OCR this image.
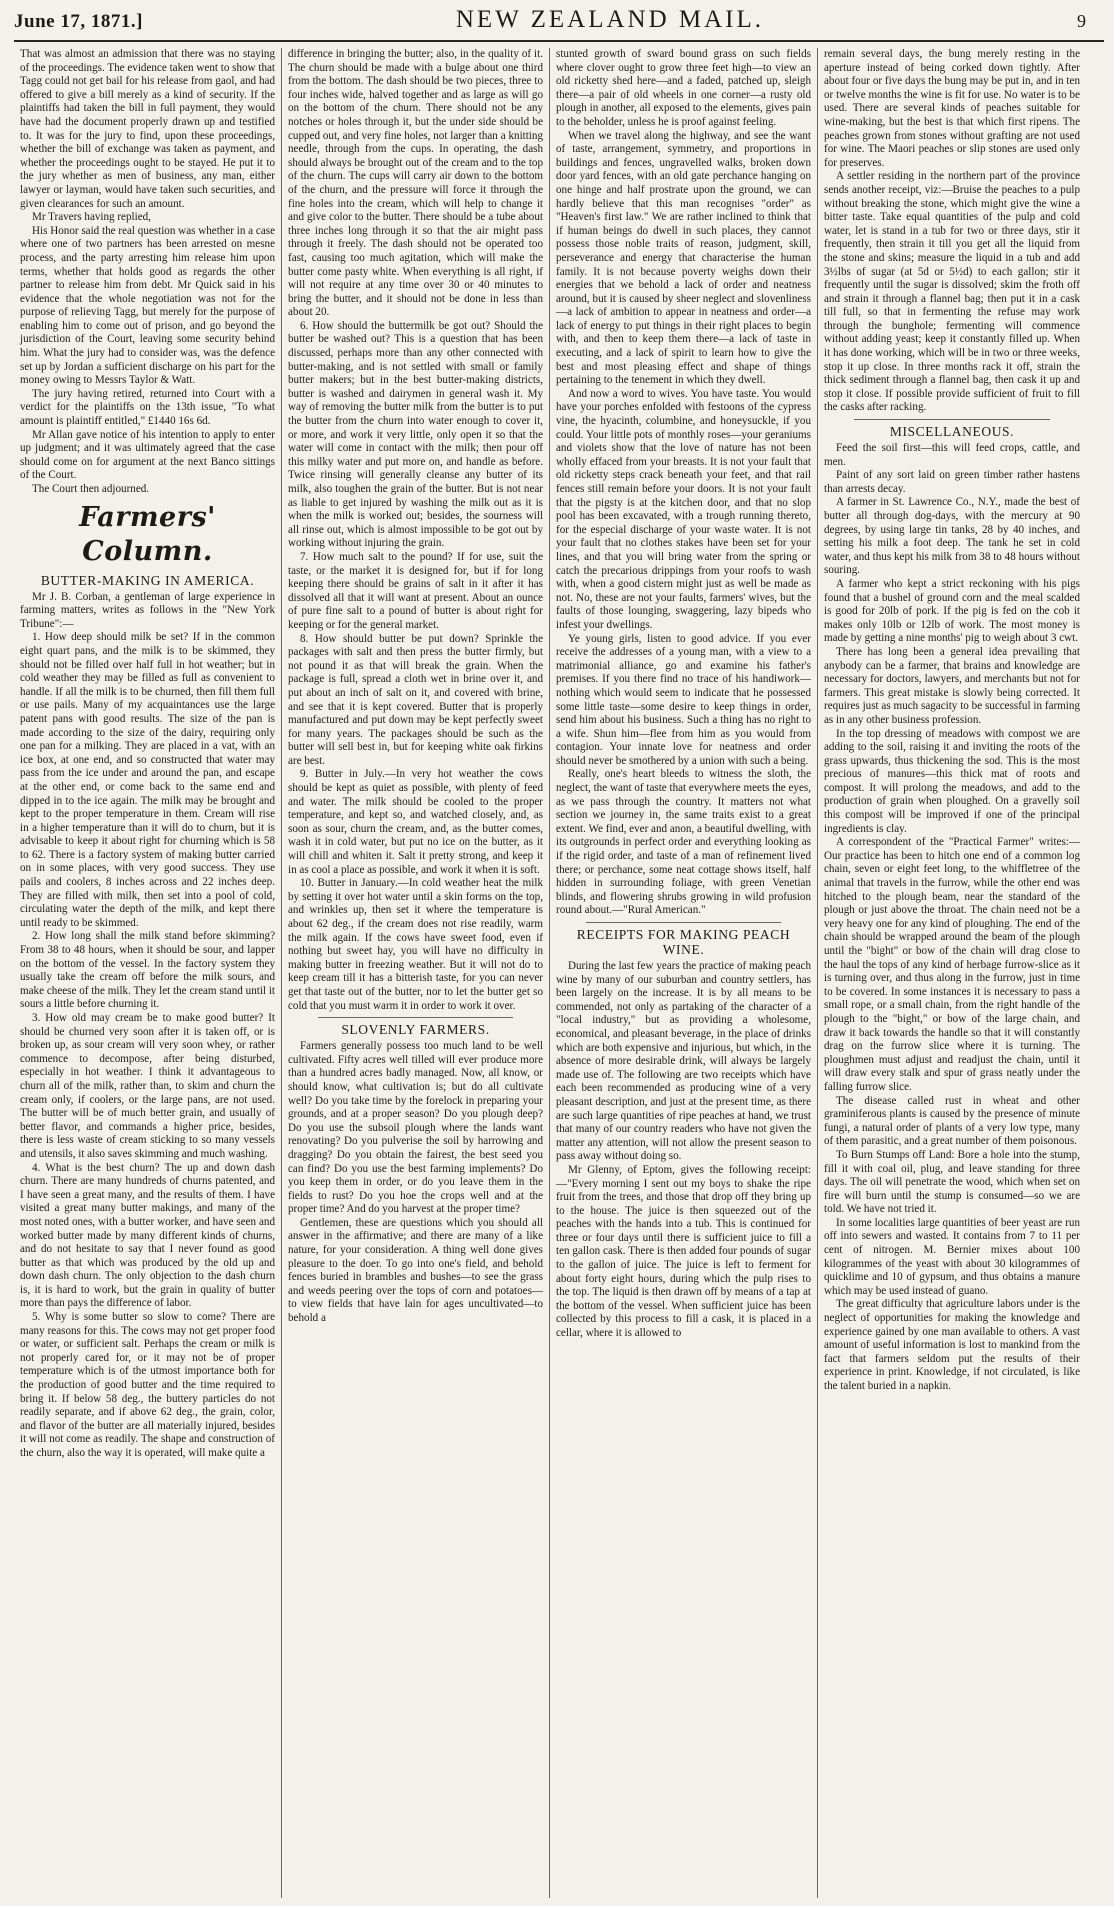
June 17, 1871.]	NEW ZEALAND MAIL.	9

That was almost an admission that there was no staying of the proceedings. The evidence taken went to show that Tagg could not get bail for his release from gaol, and had offered to give a bill merely as a kind of security. If the plaintiffs had taken the bill in full payment, they would have had the document properly drawn up and testified to. It was for the jury to find, upon these proceedings, whether the bill of exchange was taken as payment, and whether the proceedings ought to be stayed. He put it to the jury whether as men of business, any man, either lawyer or layman, would have taken such securities, and given clearances for such an amount.

Mr Travers having replied,

His Honor said the real question was whether in a case where one of two partners has been arrested on mesne process, and the party arresting him release him upon terms, whether that holds good as regards the other partner to release him from debt. Mr Quick said in his evidence that the whole negotiation was not for the purpose of relieving Tagg, but merely for the purpose of enabling him to come out of prison, and go beyond the jurisdiction of the Court, leaving some security behind him. What the jury had to consider was, was the defence set up by Jordan a sufficient discharge on his part for the money owing to Messrs Taylor & Watt.

The jury having retired, returned into Court with a verdict for the plaintiffs on the 13th issue, "To what amount is plaintiff entitled," £1440 16s 6d.

Mr Allan gave notice of his intention to apply to enter up judgment; and it was ultimately agreed that the case should come on for argument at the next Banco sittings of the Court.

The Court then adjourned.

Farmers' Column.
BUTTER-MAKING IN AMERICA.

Mr J. B. Corban, a gentleman of large experience in farming matters, writes as follows in the "New York Tribune":—

1. How deep should milk be set? If in the common eight quart pans, and the milk is to be skimmed, they should not be filled over half full in hot weather; but in cold weather they may be filled as full as convenient to handle. If all the milk is to be churned, then fill them full or use pails. Many of my acquaintances use the large patent pans with good results. The size of the pan is made according to the size of the dairy, requiring only one pan for a milking. They are placed in a vat, with an ice box, at one end, and so constructed that water may pass from the ice under and around the pan, and escape at the other end, or come back to the same end and dipped in to the ice again. The milk may be brought and kept to the proper temperature in them. Cream will rise in a higher temperature than it will do to churn, but it is advisable to keep it about right for churning which is 58 to 62. There is a factory system of making butter carried on in some places, with very good success. They use pails and coolers, 8 inches across and 22 inches deep. They are filled with milk, then set into a pool of cold, circulating water the depth of the milk, and kept there until ready to be skimmed.

2. How long shall the milk stand before skimming? From 38 to 48 hours, when it should be sour, and lapper on the bottom of the vessel. In the factory system they usually take the cream off before the milk sours, and make cheese of the milk. They let the cream stand until it sours a little before churning it.

3. How old may cream be to make good butter? It should be churned very soon after it is taken off, or is broken up, as sour cream will very soon whey, or rather commence to decompose, after being disturbed, especially in hot weather. I think it advantageous to churn all of the milk, rather than, to skim and churn the cream only, if coolers, or the large pans, are not used. The butter will be of much better grain, and usually of better flavor, and commands a higher price, besides, there is less waste of cream sticking to so many vessels and utensils, it also saves skimming and much washing.

4. What is the best churn? The up and down dash churn. There are many hundreds of churns patented, and I have seen a great many, and the results of them. I have visited a great many butter makings, and many of the most noted ones, with a butter worker, and have seen and worked butter made by many different kinds of churns, and do not hesitate to say that I never found as good butter as that which was produced by the old up and down dash churn. The only objection to the dash churn is, it is hard to work, but the grain in quality of butter more than pays the difference of labor.

5. Why is some butter so slow to come? There are many reasons for this. The cows may not get proper food or water, or sufficient salt. Perhaps the cream or milk is not properly cared for, or it may not be of proper temperature which is of the utmost importance both for the production of good butter and the time required to bring it. If below 58 deg., the buttery particles do not readily separate, and if above 62 deg., the grain, color, and flavor of the butter are all materially injured, besides it will not come as readily. The shape and construction of the churn, also the way it is operated, will make quite a

difference in bringing the butter; also, in the quality of it. The churn should be made with a bulge about one third from the bottom. The dash should be two pieces, three to four inches wide, halved together and as large as will go on the bottom of the churn. There should not be any notches or holes through it, but the under side should be cupped out, and very fine holes, not larger than a knitting needle, through from the cups. In operating, the dash should always be brought out of the cream and to the top of the churn. The cups will carry air down to the bottom of the churn, and the pressure will force it through the fine holes into the cream, which will help to change it and give color to the butter. There should be a tube about three inches long through it so that the air might pass through it freely. The dash should not be operated too fast, causing too much agitation, which will make the butter come pasty white. When everything is all right, if will not require at any time over 30 or 40 minutes to bring the butter, and it should not be done in less than about 20.

6. How should the buttermilk be got out? Should the butter be washed out? This is a question that has been discussed, perhaps more than any other connected with butter-making, and is not settled with small or family butter makers; but in the best butter-making districts, butter is washed and dairymen in general wash it. My way of removing the butter milk from the butter is to put the butter from the churn into water enough to cover it, or more, and work it very little, only open it so that the water will come in contact with the milk; then pour off this milky water and put more on, and handle as before. Twice rinsing will generally cleanse any butter of its milk, also toughen the grain of the butter. But is not near as liable to get injured by washing the milk out as it is when the milk is worked out; besides, the sourness will all rinse out, which is almost impossible to be got out by working without injuring the grain.

7. How much salt to the pound? If for use, suit the taste, or the market it is designed for, but if for long keeping there should be grains of salt in it after it has dissolved all that it will want at present. About an ounce of pure fine salt to a pound of butter is about right for keeping or for the general market.

8. How should butter be put down? Sprinkle the packages with salt and then press the butter firmly, but not pound it as that will break the grain. When the package is full, spread a cloth wet in brine over it, and put about an inch of salt on it, and covered with brine, and see that it is kept covered. Butter that is properly manufactured and put down may be kept perfectly sweet for many years. The packages should be such as the butter will sell best in, but for keeping white oak firkins are best.

9. Butter in July.—In very hot weather the cows should be kept as quiet as possible, with plenty of feed and water. The milk should be cooled to the proper temperature, and kept so, and watched closely, and, as soon as sour, churn the cream, and, as the butter comes, wash it in cold water, but put no ice on the butter, as it will chill and whiten it. Salt it pretty strong, and keep it in as cool a place as possible, and work it when it is soft.

10. Butter in January.—In cold weather heat the milk by setting it over hot water until a skin forms on the top, and wrinkles up, then set it where the temperature is about 62 deg., if the cream does not rise readily, warm the milk again. If the cows have sweet food, even if nothing but sweet hay, you will have no difficulty in making butter in freezing weather. But it will not do to keep cream till it has a bitterish taste, for you can never get that taste out of the butter, nor to let the butter get so cold that you must warm it in order to work it over.

SLOVENLY FARMERS.

Farmers generally possess too much land to be well cultivated. Fifty acres well tilled will ever produce more than a hundred acres badly managed. Now, all know, or should know, what cultivation is; but do all cultivate well? Do you take time by the forelock in preparing your grounds, and at a proper season? Do you plough deep? Do you use the subsoil plough where the lands want renovating? Do you pulverise the soil by harrowing and dragging? Do you obtain the fairest, the best seed you can find? Do you use the best farming implements? Do you keep them in order, or do you leave them in the fields to rust? Do you hoe the crops well and at the proper time? And do you harvest at the proper time?

Gentlemen, these are questions which you should all answer in the affirmative; and there are many of a like nature, for your consideration. A thing well done gives pleasure to the doer. To go into one's field, and behold fences buried in brambles and bushes—to see the grass and weeds peering over the tops of corn and potatoes—to view fields that have lain for ages uncultivated—to behold a

stunted growth of sward bound grass on such fields where clover ought to grow three feet high—to view an old ricketty shed here—and a faded, patched up, sleigh there—a pair of old wheels in one corner—a rusty old plough in another, all exposed to the elements, gives pain to the beholder, unless he is proof against feeling.

When we travel along the highway, and see the want of taste, arrangement, symmetry, and proportions in buildings and fences, ungravelled walks, broken down door yard fences, with an old gate perchance hanging on one hinge and half prostrate upon the ground, we can hardly believe that this man recognises "order" as "Heaven's first law." We are rather inclined to think that if human beings do dwell in such places, they cannot possess those noble traits of reason, judgment, skill, perseverance and energy that characterise the human family. It is not because poverty weighs down their energies that we behold a lack of order and neatness around, but it is caused by sheer neglect and slovenliness—a lack of ambition to appear in neatness and order—a lack of energy to put things in their right places to begin with, and then to keep them there—a lack of taste in executing, and a lack of spirit to learn how to give the best and most pleasing effect and shape of things pertaining to the tenement in which they dwell.

And now a word to wives. You have taste. You would have your porches enfolded with festoons of the cypress vine, the hyacinth, columbine, and honeysuckle, if you could. Your little pots of monthly roses—your geraniums and violets show that the love of nature has not been wholly effaced from your breasts. It is not your fault that old ricketty steps crack beneath your feet, and that rail fences still remain before your doors. It is not your fault that the pigsty is at the kitchen door, and that no slop pool has been excavated, with a trough running thereto, for the especial discharge of your waste water. It is not your fault that no clothes stakes have been set for your lines, and that you will bring water from the spring or catch the precarious drippings from your roofs to wash with, when a good cistern might just as well be made as not. No, these are not your faults, farmers' wives, but the faults of those lounging, swaggering, lazy bipeds who infest your dwellings.

Ye young girls, listen to good advice. If you ever receive the addresses of a young man, with a view to a matrimonial alliance, go and examine his father's premises. If you there find no trace of his handiwork—nothing which would seem to indicate that he possessed some little taste—some desire to keep things in order, send him about his business. Such a thing has no right to a wife. Shun him—flee from him as you would from contagion. Your innate love for neatness and order should never be smothered by a union with such a being.

Really, one's heart bleeds to witness the sloth, the neglect, the want of taste that everywhere meets the eyes, as we pass through the country. It matters not what section we journey in, the same traits exist to a great extent. We find, ever and anon, a beautiful dwelling, with its outgrounds in perfect order and everything looking as if the rigid order, and taste of a man of refinement lived there; or perchance, some neat cottage shows itself, half hidden in surrounding foliage, with green Venetian blinds, and flowering shrubs growing in wild profusion round about.—"Rural American."

RECEIPTS FOR MAKING PEACH WINE.

During the last few years the practice of making peach wine by many of our suburban and country settlers, has been largely on the increase. It is by all means to be commended, not only as partaking of the character of a "local industry," but as providing a wholesome, economical, and pleasant beverage, in the place of drinks which are both expensive and injurious, but which, in the absence of more desirable drink, will always be largely made use of. The following are two receipts which have each been recommended as producing wine of a very pleasant description, and just at the present time, as there are such large quantities of ripe peaches at hand, we trust that many of our country readers who have not given the matter any attention, will not allow the present season to pass away without doing so.

Mr Glenny, of Eptom, gives the following receipt:—"Every morning I sent out my boys to shake the ripe fruit from the trees, and those that drop off they bring up to the house. The juice is then squeezed out of the peaches with the hands into a tub. This is continued for three or four days until there is sufficient juice to fill a ten gallon cask. There is then added four pounds of sugar to the gallon of juice. The juice is left to ferment for about forty eight hours, during which the pulp rises to the top. The liquid is then drawn off by means of a tap at the bottom of the vessel. When sufficient juice has been collected by this process to fill a cask, it is placed in a cellar, where it is allowed to

remain several days, the bung merely resting in the aperture instead of being corked down tightly. After about four or five days the bung may be put in, and in ten or twelve months the wine is fit for use. No water is to be used. There are several kinds of peaches suitable for wine-making, but the best is that which first ripens. The peaches grown from stones without grafting are not used for wine. The Maori peaches or slip stones are used only for preserves.

A settler residing in the northern part of the province sends another receipt, viz:—Bruise the peaches to a pulp without breaking the stone, which might give the wine a bitter taste. Take equal quantities of the pulp and cold water, let is stand in a tub for two or three days, stir it frequently, then strain it till you get all the liquid from the stone and skins; measure the liquid in a tub and add 3½lbs of sugar (at 5d or 5½d) to each gallon; stir it frequently until the sugar is dissolved; skim the froth off and strain it through a flannel bag; then put it in a cask till full, so that in fermenting the refuse may work through the bunghole; fermenting will commence without adding yeast; keep it constantly filled up. When it has done working, which will be in two or three weeks, stop it up close. In three months rack it off, strain the thick sediment through a flannel bag, then cask it up and stop it close. If possible provide sufficient of fruit to fill the casks after racking.

MISCELLANEOUS.

Feed the soil first—this will feed crops, cattle, and men.

Paint of any sort laid on green timber rather hastens than arrests decay.

A farmer in St. Lawrence Co., N.Y., made the best of butter all through dog-days, with the mercury at 90 degrees, by using large tin tanks, 28 by 40 inches, and setting his milk a foot deep. The tank he set in cold water, and thus kept his milk from 38 to 48 hours without souring.

A farmer who kept a strict reckoning with his pigs found that a bushel of ground corn and the meal scalded is good for 20lb of pork. If the pig is fed on the cob it makes only 10lb or 12lb of work. The most money is made by getting a nine months' pig to weigh about 3 cwt.

There has long been a general idea prevailing that anybody can be a farmer, that brains and knowledge are necessary for doctors, lawyers, and merchants but not for farmers. This great mistake is slowly being corrected. It requires just as much sagacity to be successful in farming as in any other business profession.

In the top dressing of meadows with compost we are adding to the soil, raising it and inviting the roots of the grass upwards, thus thickening the sod. This is the most precious of manures—this thick mat of roots and compost. It will prolong the meadows, and add to the production of grain when ploughed. On a gravelly soil this compost will be improved if one of the principal ingredients is clay.

A correspondent of the "Practical Farmer" writes:—Our practice has been to hitch one end of a common log chain, seven or eight feet long, to the whiffletree of the animal that travels in the furrow, while the other end was hitched to the plough beam, near the standard of the plough or just above the throat. The chain need not be a very heavy one for any kind of ploughing. The end of the chain should be wrapped around the beam of the plough until the "bight" or bow of the chain will drag close to the haul the tops of any kind of herbage furrow-slice as it is turning over, and thus along in the furrow, just in time to be covered. In some instances it is necessary to pass a small rope, or a small chain, from the right handle of the plough to the "bight," or bow of the large chain, and draw it back towards the handle so that it will constantly drag on the furrow slice where it is turning. The ploughmen must adjust and readjust the chain, until it will draw every stalk and spur of grass neatly under the falling furrow slice.

The disease called rust in wheat and other graminiferous plants is caused by the presence of minute fungi, a natural order of plants of a very low type, many of them parasitic, and a great number of them poisonous.

To Burn Stumps off Land: Bore a hole into the stump, fill it with coal oil, plug, and leave standing for three days. The oil will penetrate the wood, which when set on fire will burn until the stump is consumed—so we are told. We have not tried it.

In some localities large quantities of beer yeast are run off into sewers and wasted. It contains from 7 to 11 per cent of nitrogen. M. Bernier mixes about 100 kilogrammes of the yeast with about 30 kilogrammes of quicklime and 10 of gypsum, and thus obtains a manure which may be used instead of guano.

The great difficulty that agriculture labors under is the neglect of opportunities for making the knowledge and experience gained by one man available to others. A vast amount of useful information is lost to mankind from the fact that farmers seldom put the results of their experience in print. Knowledge, if not circulated, is like the talent buried in a napkin.
